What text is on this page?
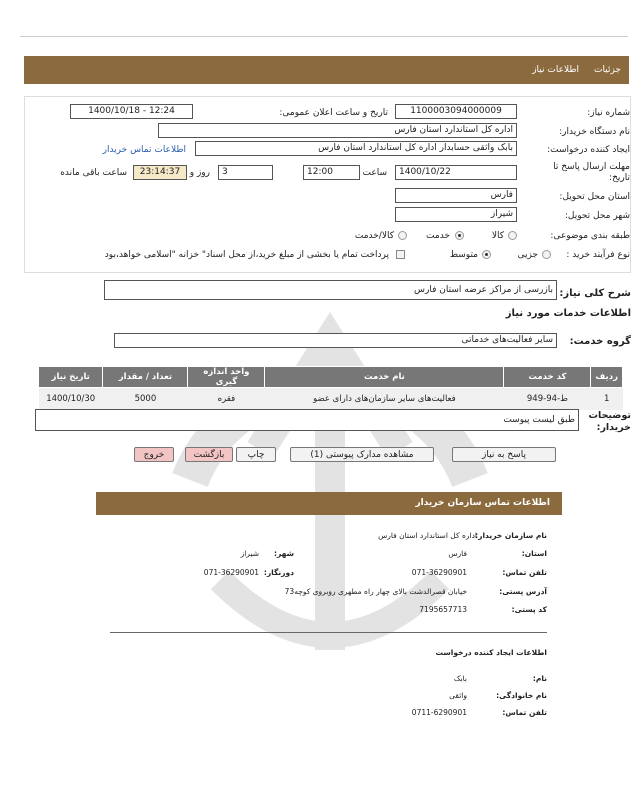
جزئیات
اطلاعات نیاز
شماره نیاز:
1100003094000009
تاریخ و ساعت اعلان عمومی:
1400/10/18 - 12:24
نام دستگاه خریدار:
اداره کل استاندارد استان فارس
ایجاد کننده درخواست:
بابک واثقی حسابدار اداره کل استاندارد استان فارس
اطلاعات تماس خریدار
مهلت ارسال پاسخ تا تاریخ:
1400/10/22
ساعت
12:00
3
روز و
23:14:37
ساعت باقی مانده
استان محل تحویل:
فارس
شهر محل تحویل:
شیراز
طبقه بندی موضوعی:
کالا
خدمت
کالا/خدمت
نوع فرآیند خرید :
جزیی
متوسط
پرداخت تمام یا بخشی از مبلغ خرید،از محل اسناد" خزانه "اسلامی خواهد،بود
شرح کلی نیاز:
بازرسی از مراکز عرضه استان فارس
اطلاعات خدمات مورد نیاز
گروه خدمت:
سایر فعالیت‌های خدماتی
ردیف	کد خدمت	نام خدمت	واحد اندازه گیری	تعداد / مقدار	تاریخ نیاز
1	ط-94-949	فعالیت‌های سایر سازمان‌های دارای عضو	فقره	5000	1400/10/30
توضیحات خریدار:
طبق لیست پیوست
پاسخ به نیاز
مشاهده مدارک پیوستی (1)
چاپ
بازگشت
خروج
اطلاعات تماس سازمان خریدار
نام سازمان خریدار:
اداره کل استاندارد استان فارس
استان:
فارس
شهر:
شیراز
تلفن تماس:
071-36290901
دورنگار:
071-36290901
آدرس پستی:
خیابان قصرالدشت بالای چهار راه مطهری روبروی کوچه73
کد پستی:
7195657713
اطلاعات ایجاد کننده درخواست
نام:
بابک
نام خانوادگی:
واثقی
تلفن تماس:
0711-6290901
